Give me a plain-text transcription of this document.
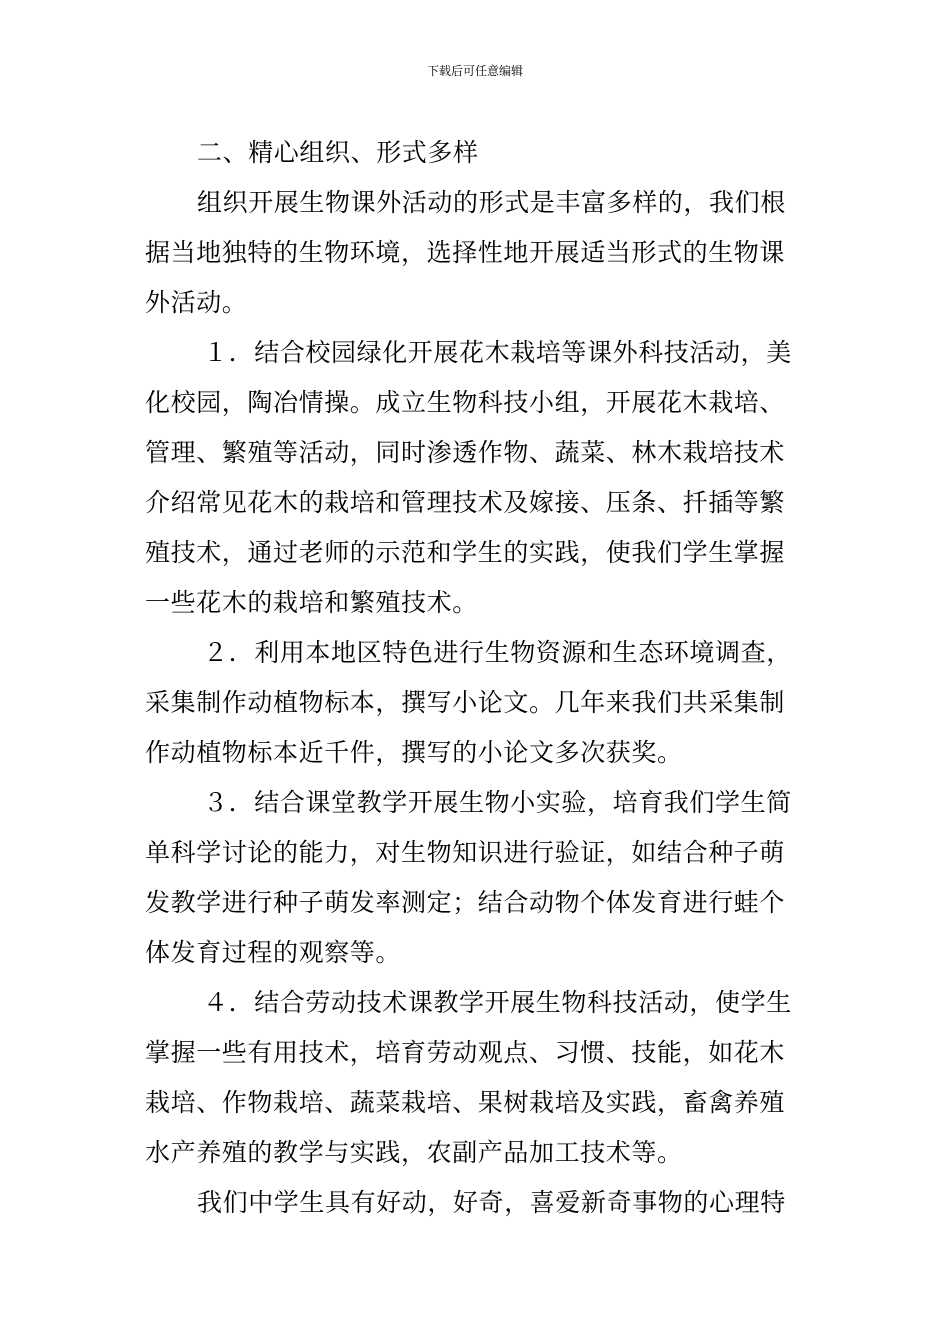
下载后可任意编辑
二、精心组织、形式多样
组织开展生物课外活动的形式是丰富多样的，我们根
据当地独特的生物环境，选择性地开展适当形式的生物课
外活动。
１．结合校园绿化开展花木栽培等课外科技活动，美
化校园，陶冶情操。成立生物科技小组，开展花木栽培、
管理、繁殖等活动，同时渗透作物、蔬菜、林木栽培技术
介绍常见花木的栽培和管理技术及嫁接、压条、扦插等繁
殖技术，通过老师的示范和学生的实践，使我们学生掌握
一些花木的栽培和繁殖技术。
２．利用本地区特色进行生物资源和生态环境调查，
采集制作动植物标本，撰写小论文。几年来我们共采集制
作动植物标本近千件，撰写的小论文多次获奖。
３．结合课堂教学开展生物小实验，培育我们学生简
单科学讨论的能力，对生物知识进行验证，如结合种子萌
发教学进行种子萌发率测定；结合动物个体发育进行蛙个
体发育过程的观察等。
４．结合劳动技术课教学开展生物科技活动，使学生
掌握一些有用技术，培育劳动观点、习惯、技能，如花木
栽培、作物栽培、蔬菜栽培、果树栽培及实践，畜禽养殖
水产养殖的教学与实践，农副产品加工技术等。
我们中学生具有好动，好奇，喜爱新奇事物的心理特
